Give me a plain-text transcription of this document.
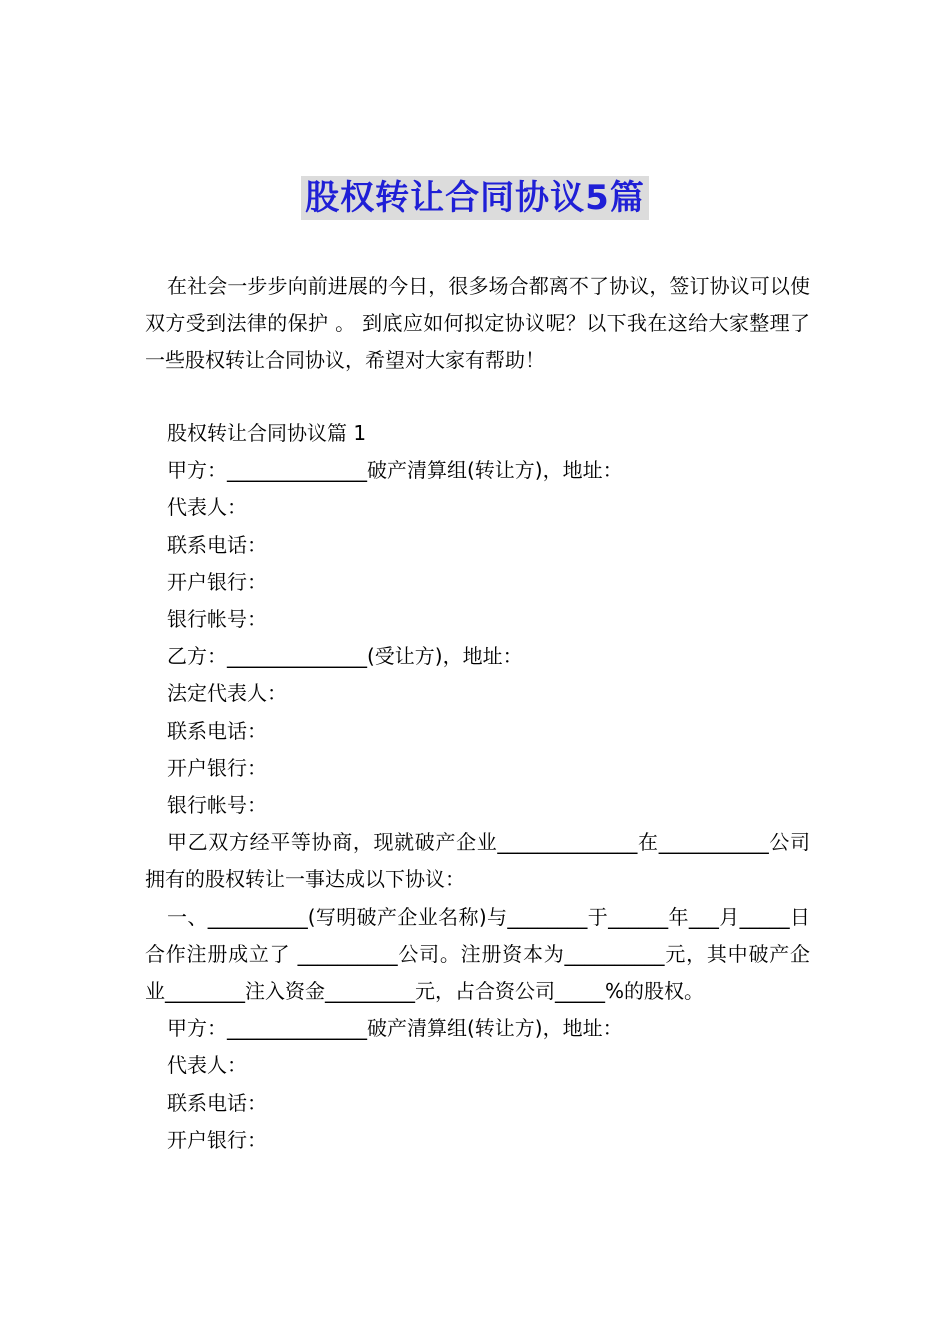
股权转让合同协议5篇

在社会一步步向前进展的今日，很多场合都离不了协议，签订协议可以使双方受到法律的保护 。 到底应如何拟定协议呢？以下我在这给大家整理了一些股权转让合同协议，希望对大家有帮助！

股权转让合同协议篇 1

甲方：______________破产清算组(转让方)，地址：

代表人：

联系电话：

开户银行：

银行帐号：

乙方：______________(受让方)，地址：

法定代表人：

联系电话：

开户银行：

银行帐号：

甲乙双方经平等协商，现就破产企业______________在___________公司拥有的股权转让一事达成以下协议：

一、__________(写明破产企业名称)与________于______年___月_____日合作注册成立了 __________公司。注册资本为__________元，其中破产企业________注入资金_________元，占合资公司_____%的股权。

甲方：______________破产清算组(转让方)，地址：

代表人：

联系电话：

开户银行：
